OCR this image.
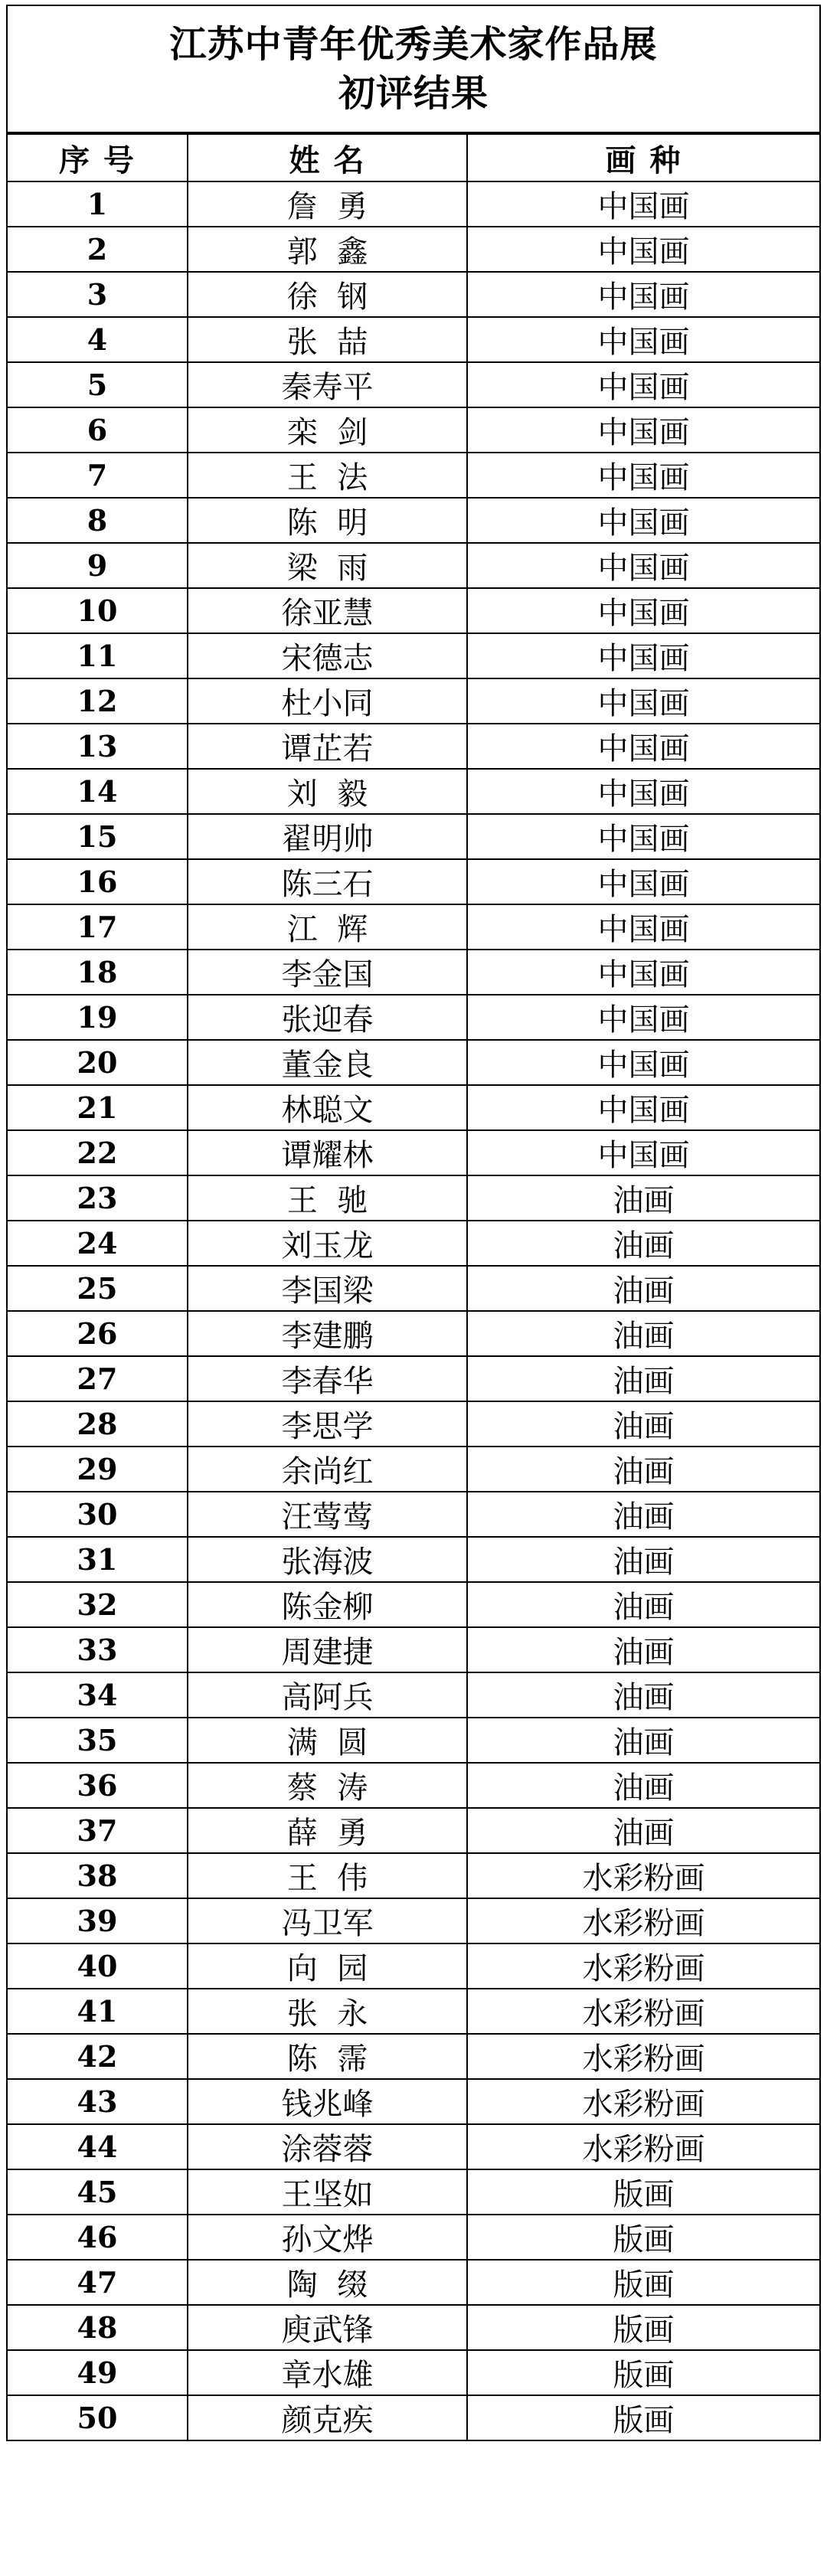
江苏中青年优秀美术家作品展
初评结果
序 号	姓 名	画 种
1	詹  勇	中国画
2	郭  鑫	中国画
3	徐  钢	中国画
4	张  喆	中国画
5	秦寿平	中国画
6	栾  剑	中国画
7	王  法	中国画
8	陈  明	中国画
9	梁  雨	中国画
10	徐亚慧	中国画
11	宋德志	中国画
12	杜小同	中国画
13	谭芷若	中国画
14	刘  毅	中国画
15	翟明帅	中国画
16	陈三石	中国画
17	江  辉	中国画
18	李金国	中国画
19	张迎春	中国画
20	董金良	中国画
21	林聪文	中国画
22	谭耀林	中国画
23	王  驰	油画
24	刘玉龙	油画
25	李国梁	油画
26	李建鹏	油画
27	李春华	油画
28	李思学	油画
29	余尚红	油画
30	汪莺莺	油画
31	张海波	油画
32	陈金柳	油画
33	周建捷	油画
34	高阿兵	油画
35	满  圆	油画
36	蔡  涛	油画
37	薛  勇	油画
38	王  伟	水彩粉画
39	冯卫军	水彩粉画
40	向  园	水彩粉画
41	张  永	水彩粉画
42	陈  霈	水彩粉画
43	钱兆峰	水彩粉画
44	涂蓉蓉	水彩粉画
45	王坚如	版画
46	孙文烨	版画
47	陶  缀	版画
48	庾武锋	版画
49	章水雄	版画
50	颜克疾	版画
